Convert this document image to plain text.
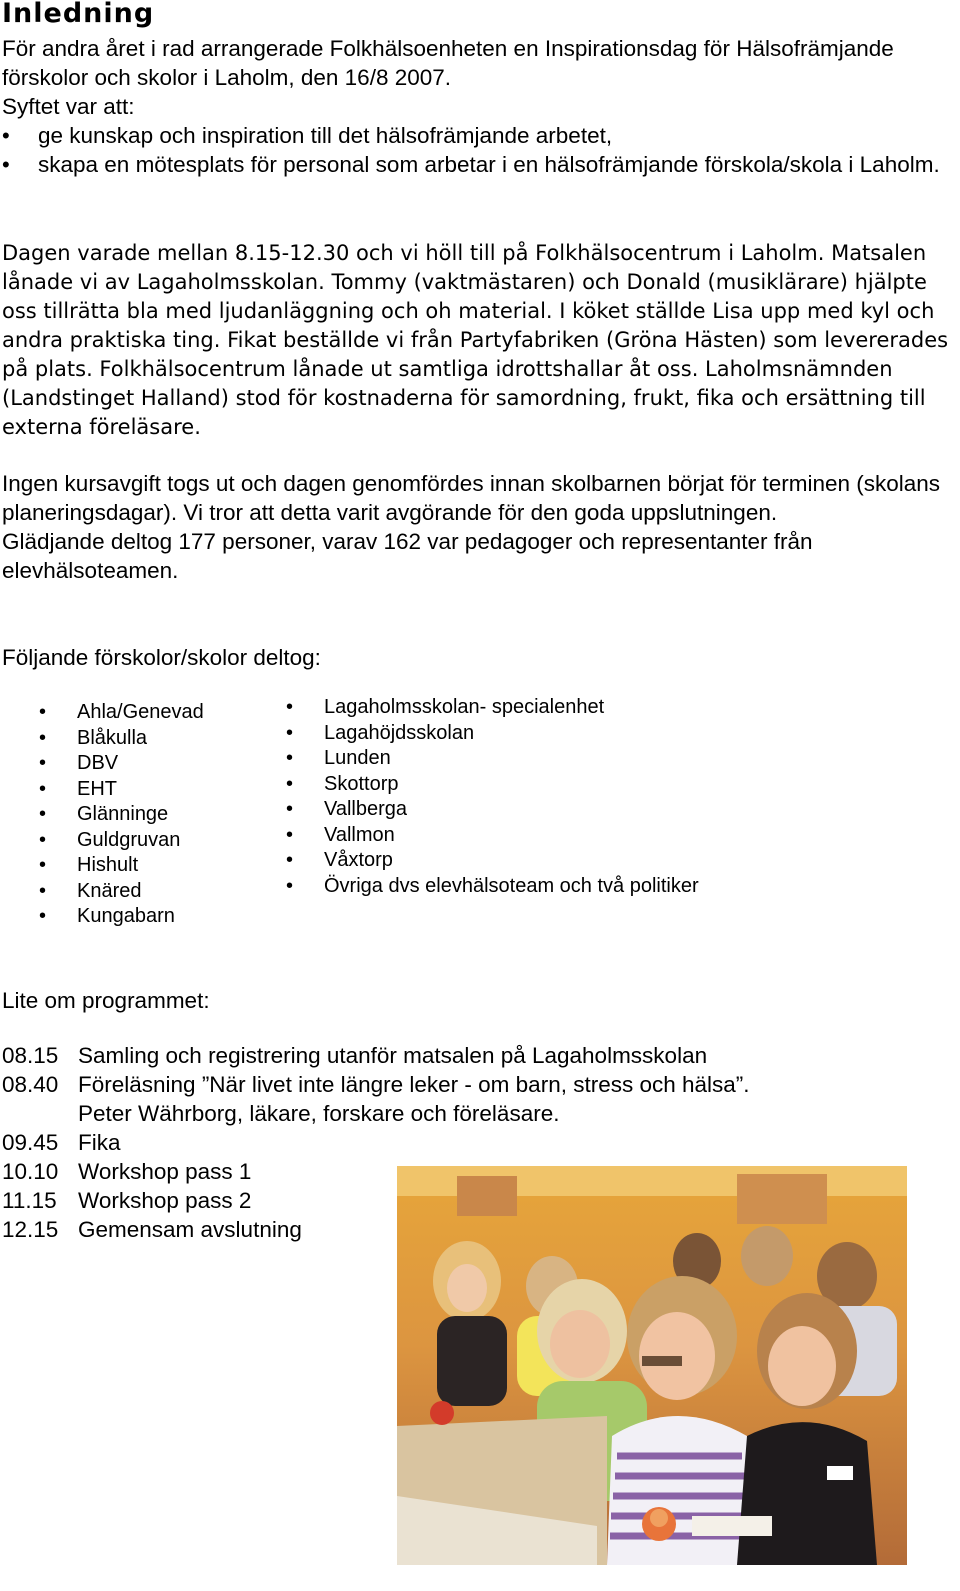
Inledning

För andra året i rad arrangerade Folkhälsoenheten en Inspirationsdag för Hälsofrämjande förskolor och skolor i Laholm, den 16/8 2007.

Syftet var att:

• ge kunskap och inspiration till det hälsofrämjande arbetet,
• skapa en mötesplats för personal som arbetar i en hälsofrämjande förskola/skola i Laholm.
Dagen varade mellan 8.15-12.30 och vi höll till på Folkhälsocentrum i Laholm. Matsalen lånade vi av Lagaholmsskolan. Tommy (vaktmästaren) och Donald (musiklärare) hjälpte oss tillrätta bla med ljudanläggning och oh material. I köket ställde Lisa upp med kyl och andra praktiska ting. Fikat beställde vi från Partyfabriken (Gröna Hästen) som levererades på plats. Folkhälsocentrum lånade ut samtliga idrottshallar åt oss. Laholmsnämnden (Landstinget Halland) stod för kostnaderna för samordning, frukt, fika och ersättning till externa föreläsare.

Ingen kursavgift togs ut och dagen genomfördes innan skolbarnen börjat för terminen (skolans planeringsdagar). Vi tror att detta varit avgörande för den goda uppslutningen.

Glädjande deltog 177 personer, varav 162 var pedagoger och representanter från elevhälsoteamen.

Följande förskolor/skolor deltog:
• Ahla/Genevad
• Blåkulla
• DBV
• EHT
• Glänninge
• Guldgruvan
• Hishult
• Knäred
• Kungabarn
• Lagaholmsskolan- specialenhet
• Lagahöjdsskolan
• Lunden
• Skottorp
• Vallberga
• Vallmon
• Våxtorp
• Övriga dvs elevhälsoteam och två politiker
Lite om programmet:
08.15 Samling och registrering utanför matsalen på Lagaholmsskolan
08.40 Föreläsning ”När livet inte längre leker - om barn, stress och hälsa”.
Peter Währborg, läkare, forskare och föreläsare.
09.45 Fika
10.10 Workshop pass 1
11.15 Workshop pass 2
12.15 Gemensam avslutning
